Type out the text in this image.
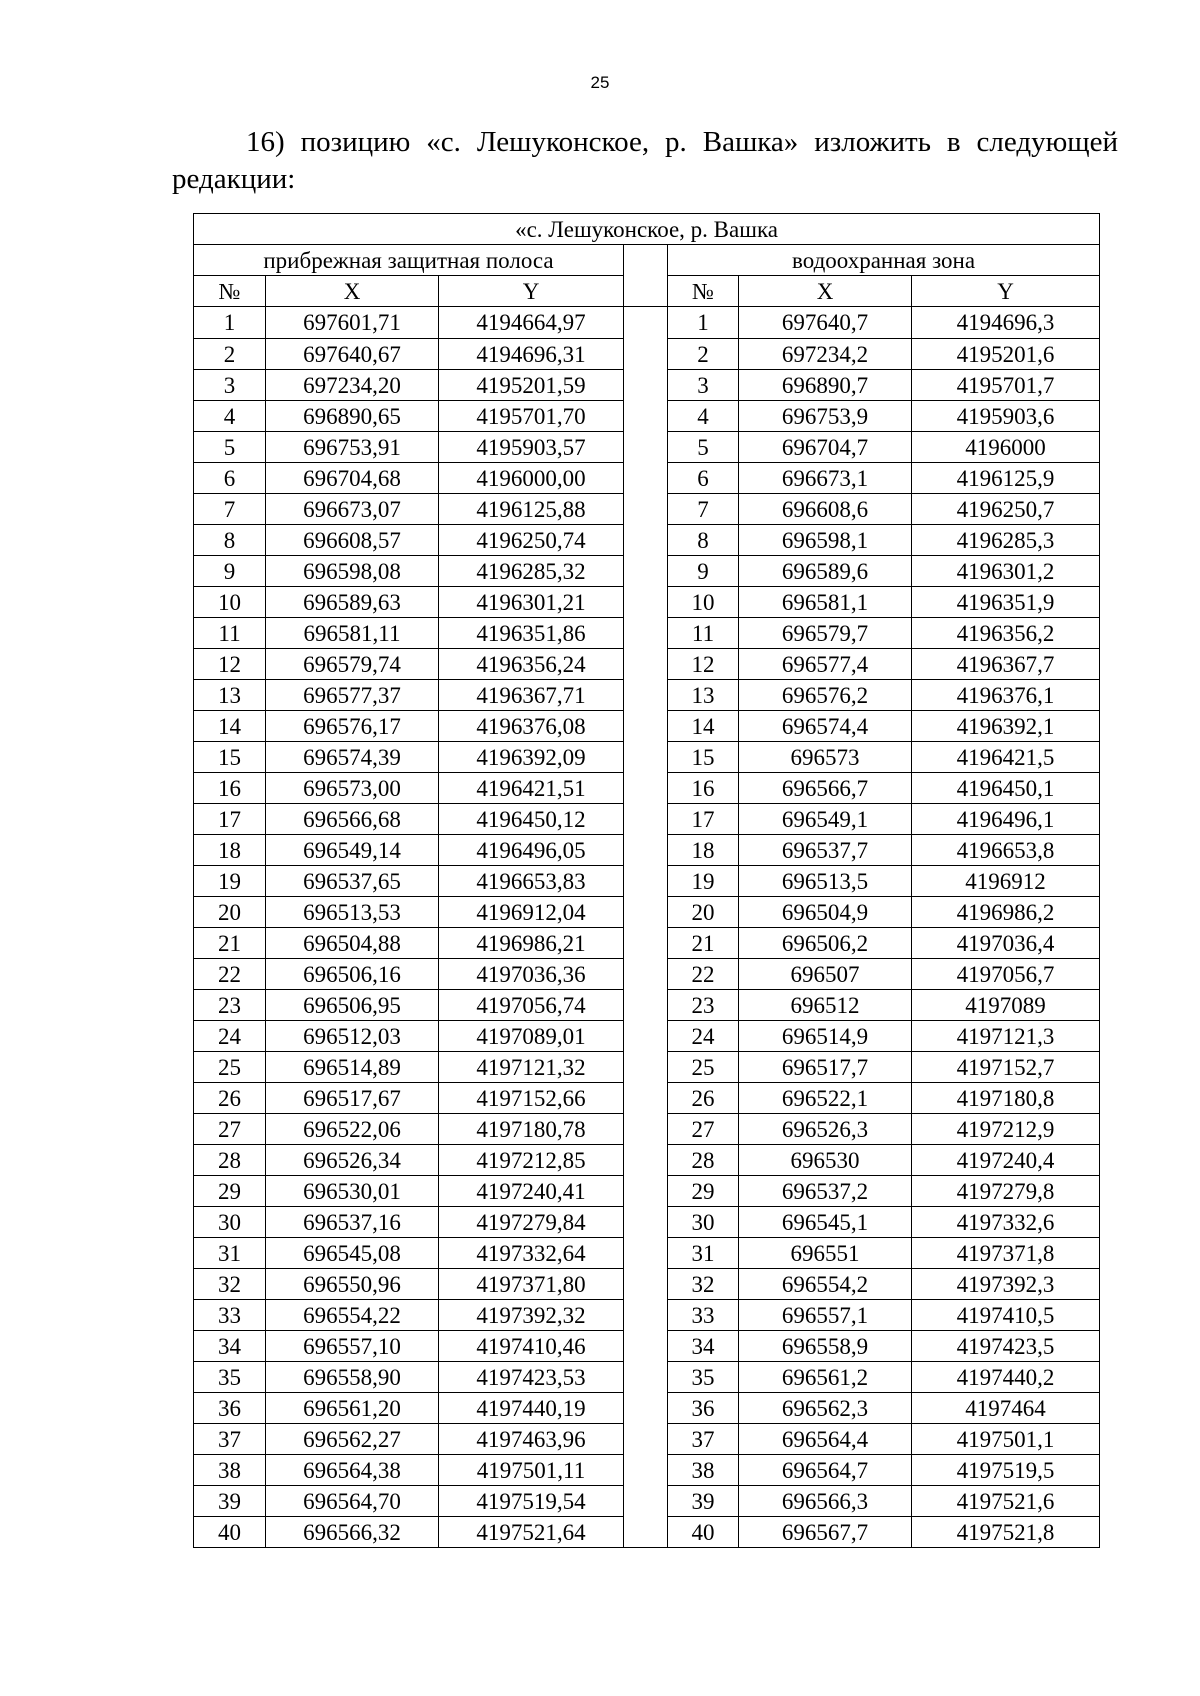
25

16) позицию «с. Лешуконское, р. Вашка» изложить в следующей редакции:

«с. Лешуконское, р. Вашка						
прибрежная защитная полоса				водоохранная зона		
№	X	Y		№	X	Y
1	697601,71	4194664,97		1	697640,7	4194696,3
2	697640,67	4194696,31		2	697234,2	4195201,6
3	697234,20	4195201,59		3	696890,7	4195701,7
4	696890,65	4195701,70		4	696753,9	4195903,6
5	696753,91	4195903,57		5	696704,7	4196000
6	696704,68	4196000,00		6	696673,1	4196125,9
7	696673,07	4196125,88		7	696608,6	4196250,7
8	696608,57	4196250,74		8	696598,1	4196285,3
9	696598,08	4196285,32		9	696589,6	4196301,2
10	696589,63	4196301,21		10	696581,1	4196351,9
11	696581,11	4196351,86		11	696579,7	4196356,2
12	696579,74	4196356,24		12	696577,4	4196367,7
13	696577,37	4196367,71		13	696576,2	4196376,1
14	696576,17	4196376,08		14	696574,4	4196392,1
15	696574,39	4196392,09		15	696573	4196421,5
16	696573,00	4196421,51		16	696566,7	4196450,1
17	696566,68	4196450,12		17	696549,1	4196496,1
18	696549,14	4196496,05		18	696537,7	4196653,8
19	696537,65	4196653,83		19	696513,5	4196912
20	696513,53	4196912,04		20	696504,9	4196986,2
21	696504,88	4196986,21		21	696506,2	4197036,4
22	696506,16	4197036,36		22	696507	4197056,7
23	696506,95	4197056,74		23	696512	4197089
24	696512,03	4197089,01		24	696514,9	4197121,3
25	696514,89	4197121,32		25	696517,7	4197152,7
26	696517,67	4197152,66		26	696522,1	4197180,8
27	696522,06	4197180,78		27	696526,3	4197212,9
28	696526,34	4197212,85		28	696530	4197240,4
29	696530,01	4197240,41		29	696537,2	4197279,8
30	696537,16	4197279,84		30	696545,1	4197332,6
31	696545,08	4197332,64		31	696551	4197371,8
32	696550,96	4197371,80		32	696554,2	4197392,3
33	696554,22	4197392,32		33	696557,1	4197410,5
34	696557,10	4197410,46		34	696558,9	4197423,5
35	696558,90	4197423,53		35	696561,2	4197440,2
36	696561,20	4197440,19		36	696562,3	4197464
37	696562,27	4197463,96		37	696564,4	4197501,1
38	696564,38	4197501,11		38	696564,7	4197519,5
39	696564,70	4197519,54		39	696566,3	4197521,6
40	696566,32	4197521,64		40	696567,7	4197521,8
